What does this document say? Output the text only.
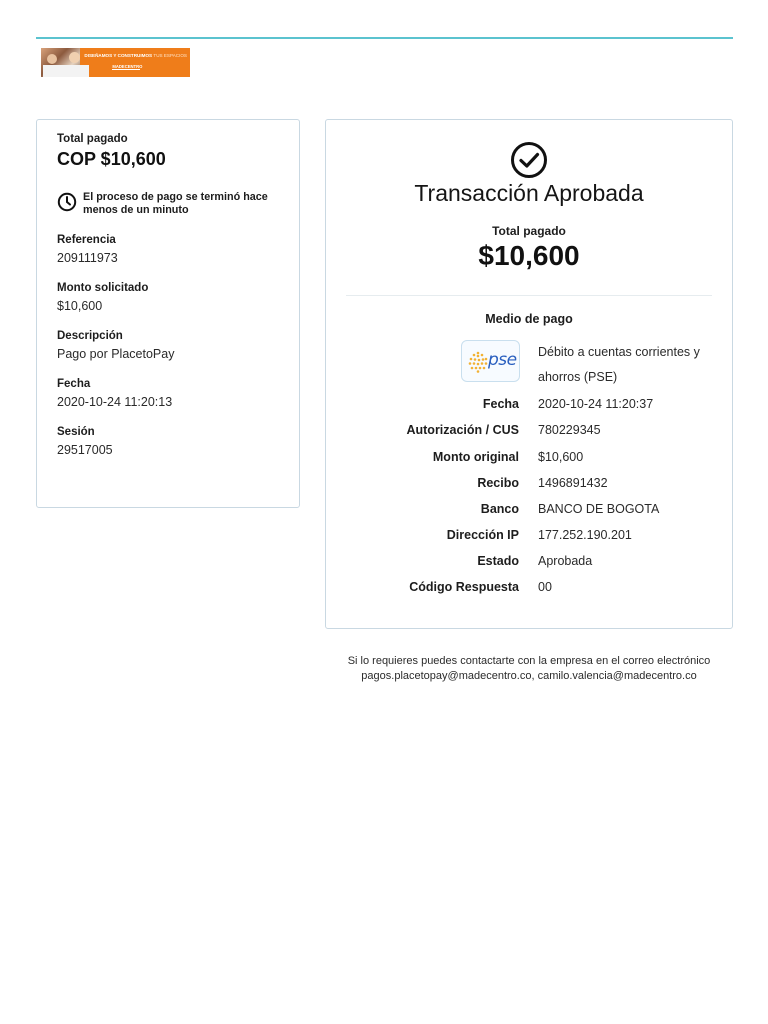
DISEÑAMOS Y CONSTRUIMOS TUS ESPACIOS
MADECENTRO
Total pagado
COP $10,600
El proceso de pago se terminó hace menos de un minuto
Referencia
209111973
Monto solicitado
$10,600
Descripción
Pago por PlacetoPay
Fecha
2020-10-24 11:20:13
Sesión
29517005
Transacción Aprobada
Total pagado
$10,600
Medio de pago
pse Débito a cuentas corrientes y ahorros (PSE)
Fecha 2020-10-24 11:20:37
Autorización / CUS 780229345
Monto original $10,600
Recibo 1496891432
Banco BANCO DE BOGOTA
Dirección IP 177.252.190.201
Estado Aprobada
Código Respuesta 00
Si lo requieres puedes contactarte con la empresa en el correo electrónico
pagos.placetopay@madecentro.co, camilo.valencia@madecentro.co
